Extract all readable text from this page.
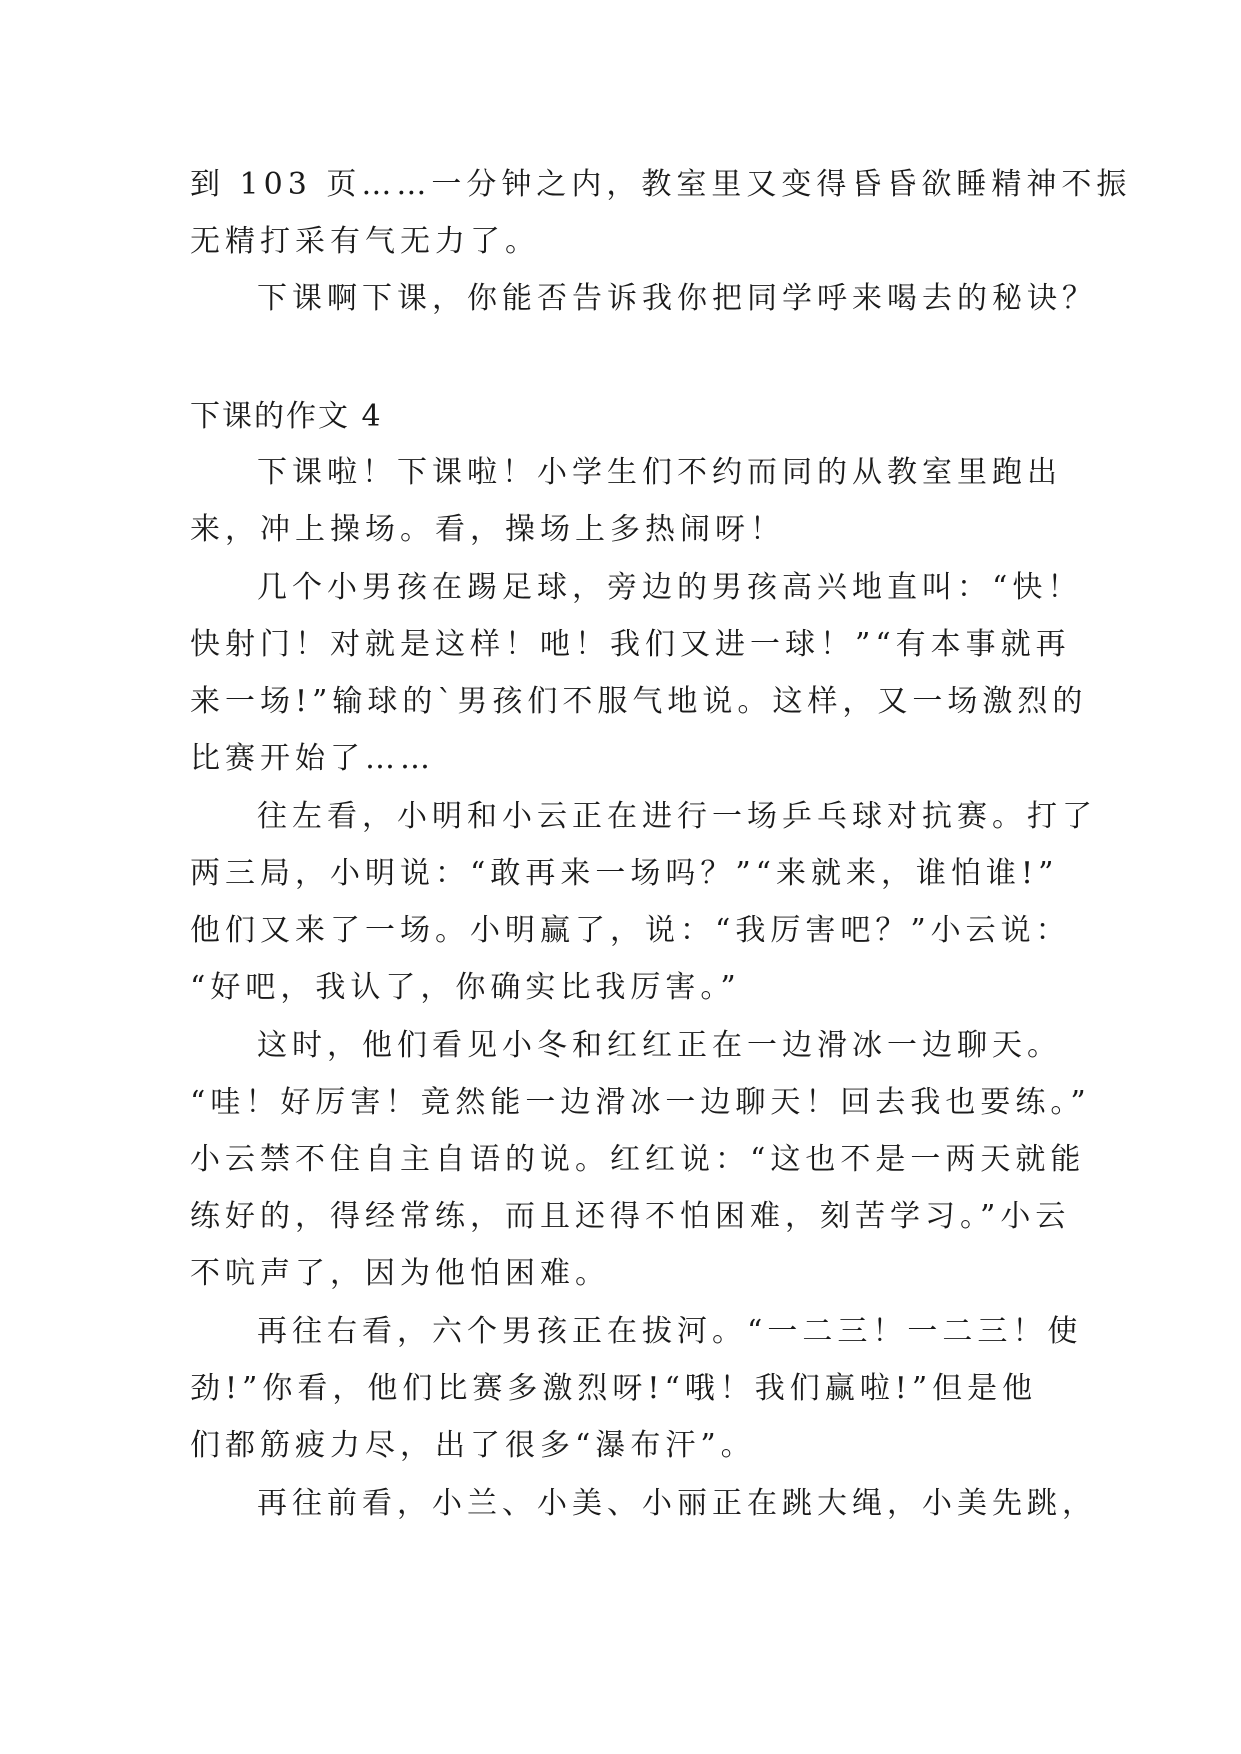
到 103 页……一分钟之内，教室里又变得昏昏欲睡精神不振
无精打采有气无力了。
下课啊下课，你能否告诉我你把同学呼来喝去的秘诀？
下课的作文 4
下课啦！下课啦！小学生们不约而同的从教室里跑出
来，冲上操场。看，操场上多热闹呀！
几个小男孩在踢足球，旁边的男孩高兴地直叫：“快！
快射门！对就是这样！吔！我们又进一球！”“有本事就再
来一场!”输球的`男孩们不服气地说。这样，又一场激烈的
比赛开始了……
往左看，小明和小云正在进行一场乒乓球对抗赛。打了
两三局，小明说：“敢再来一场吗？”“来就来，谁怕谁!”
他们又来了一场。小明赢了，说：“我厉害吧？”小云说：
“好吧，我认了，你确实比我厉害。”
这时，他们看见小冬和红红正在一边滑冰一边聊天。
“哇！好厉害！竟然能一边滑冰一边聊天！回去我也要练。”
小云禁不住自主自语的说。红红说：“这也不是一两天就能
练好的，得经常练，而且还得不怕困难，刻苦学习。”小云
不吭声了，因为他怕困难。
再往右看，六个男孩正在拔河。“一二三！一二三！使
劲!”你看，他们比赛多激烈呀!“哦！我们赢啦!”但是他
们都筋疲力尽，出了很多“瀑布汗”。
再往前看，小兰、小美、小丽正在跳大绳，小美先跳，
